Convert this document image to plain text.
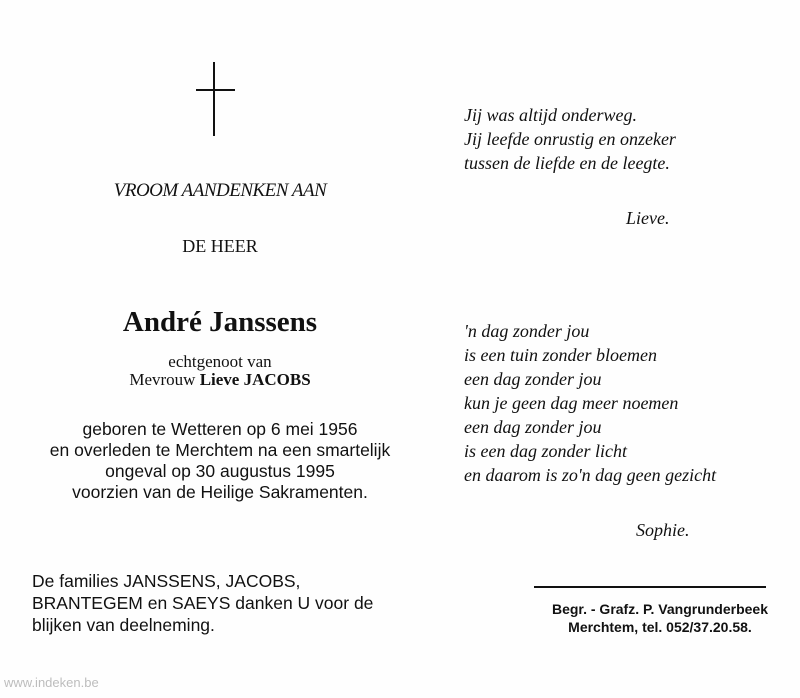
VROOM AANDENKEN AAN
DE HEER
André Janssens
echtgenoot van
Mevrouw Lieve JACOBS
geboren te Wetteren op 6 mei 1956
en overleden te Merchtem na een smartelijk
ongeval op 30 augustus 1995
voorzien van de Heilige Sakramenten.
De families JANSSENS, JACOBS,
BRANTEGEM en SAEYS danken U voor de
blijken van deelneming.
Jij was altijd onderweg.
Jij leefde onrustig en onzeker
tussen de liefde en de leegte.
Lieve.
'n dag zonder jou
is een tuin zonder bloemen
een dag zonder jou
kun je geen dag meer noemen
een dag zonder jou
is een dag zonder licht
en daarom is zo'n dag geen gezicht
Sophie.
Begr. - Grafz. P. Vangrunderbeek
Merchtem, tel. 052/37.20.58.
www.indeken.be
